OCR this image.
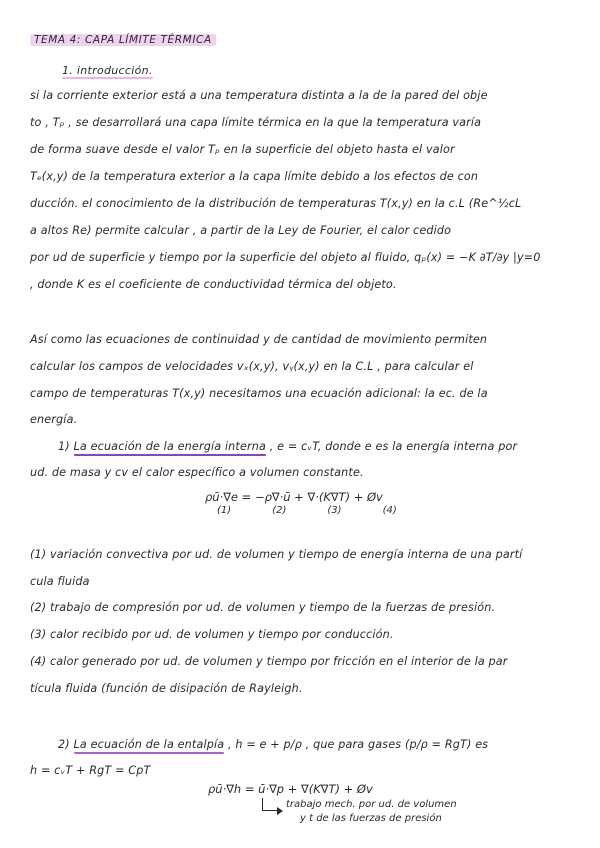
TEMA 4: CAPA LÍMITE TÉRMICA
1. introducción.
si la corriente exterior está a una temperatura distinta a la de la pared del obje
to , Tₚ , se desarrollará una capa límite térmica en la que la temperatura varía
de forma suave desde el valor Tₚ en la superficie del objeto hasta el valor
Tₑ(x,y) de la temperatura exterior a la capa límite debido a los efectos de con
ducción. el conocimiento de la distribución de temperaturas T(x,y) en la c.L (Re^½cL
a altos Re) permite calcular , a partir de la Ley de Fourier, el calor cedido
por ud de superficie y tiempo por la superficie del objeto al fluido, qₚ(x) = −K ∂T/∂y |y=0
, donde K es el coeficiente de conductividad térmica del objeto.
Así como las ecuaciones de continuidad y de cantidad de movimiento permiten
calcular los campos de velocidades vₓ(x,y), vᵧ(x,y) en la C.L , para calcular el
campo de temperaturas T(x,y) necesitamos una ecuación adicional: la ec. de la
energía.
1) La ecuación de la energía interna , e = cᵥT, donde e es la energía interna por
ud. de masa y cv el calor específico a volumen constante.
ρū·∇e = −ρ∇·ū + ∇·(K∇T) + Øv
(1)	(2)	(3)	(4)
(1) variación convectiva por ud. de volumen y tiempo de energía interna de una partí
cula fluida
(2) trabajo de compresión por ud. de volumen y tiempo de la fuerzas de presión.
(3) calor recibido por ud. de volumen y tiempo por conducción.
(4) calor generado por ud. de volumen y tiempo por fricción en el interior de la par
tícula fluida (función de disipación de Rayleigh.
2) La ecuación de la entalpía , h = e + p/ρ , que para gases (p/ρ = RgT) es
h = cᵥT + RgT = CpT
ρū·∇h = ū·∇p + ∇(K∇T) + Øv
trabajo mech. por ud. de volumen
y t de las fuerzas de presión
